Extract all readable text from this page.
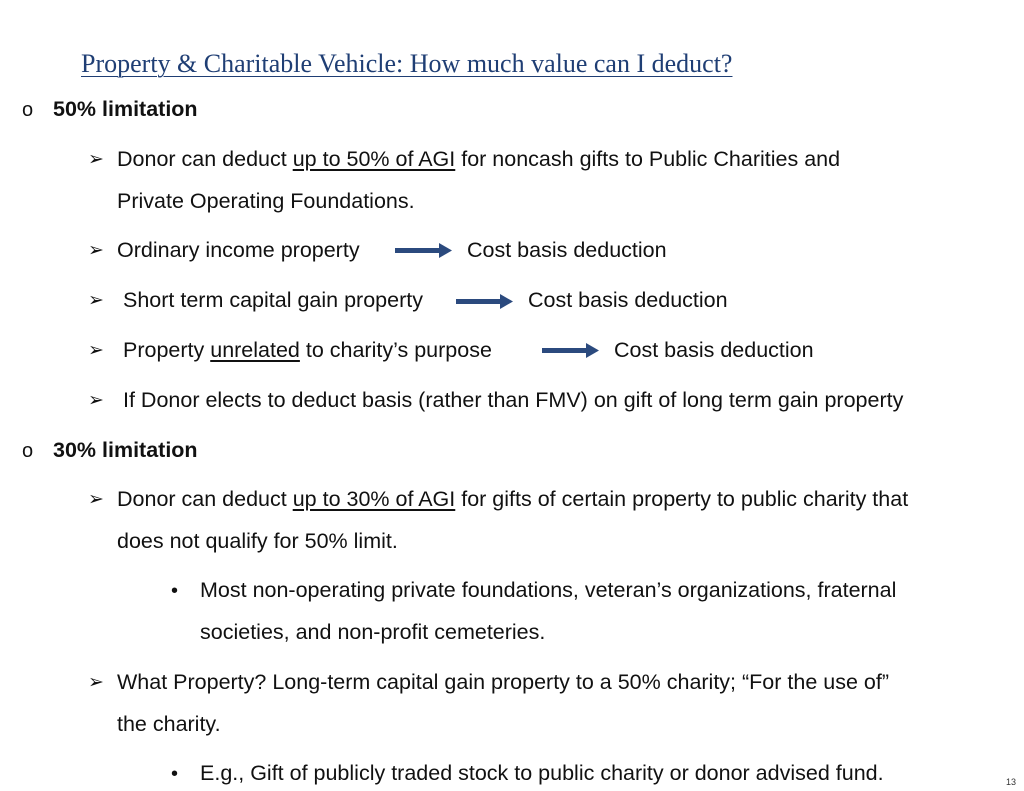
Property & Charitable Vehicle: How much value can I deduct?
o 50% limitation
➢ Donor can deduct up to 50% of AGI for noncash gifts to Public Charities and
Private Operating Foundations.
➢ Ordinary income property	Cost basis deduction
➢ Short term capital gain property	Cost basis deduction
➢ Property unrelated to charity’s purpose	Cost basis deduction
➢ If Donor elects to deduct basis (rather than FMV) on gift of long term gain property
o 30% limitation
➢ Donor can deduct up to 30% of AGI for gifts of certain property to public charity that
does not qualify for 50% limit.
• Most non-operating private foundations, veteran’s organizations, fraternal
societies, and non-profit cemeteries.
➢ What Property? Long-term capital gain property to a 50% charity; “For the use of”
the charity.
• E.g., Gift of publicly traded stock to public charity or donor advised fund.	13
